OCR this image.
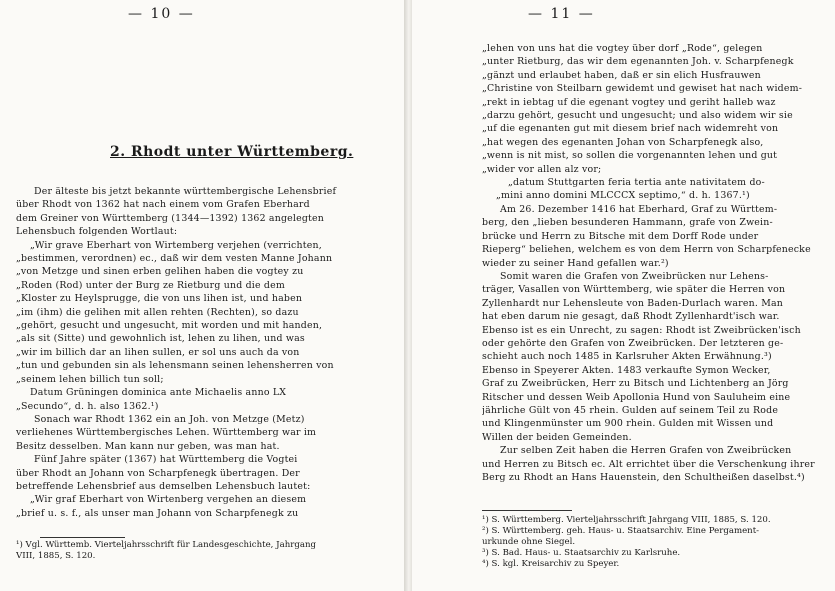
— 10 —
2. Rhodt unter Württemberg.
Der älteste bis jetzt bekannte württembergische Lehensbrief
über Rhodt von 1362 hat nach einem vom Grafen Eberhard
dem Greiner von Württemberg (1344—1392) 1362 angelegten
Lehensbuch folgenden Wortlaut:
„Wir grave Eberhart von Wirtemberg verjehen (verrichten,
„bestimmen, verordnen) ec., daß wir dem vesten Manne Johann
„von Metzge und sinen erben gelihen haben die vogtey zu
„Roden (Rod) unter der Burg ze Rietburg und die dem
„Kloster zu Heylsprugge, die von uns lihen ist, und haben
„im (ihm) die gelihen mit allen rehten (Rechten), so dazu
„gehört, gesucht und ungesucht, mit worden und mit handen,
„als sit (Sitte) und gewohnlich ist, lehen zu lihen, und was
„wir im billich dar an lihen sullen, er sol uns auch da von
„tun und gebunden sin als lehensmann seinen lehensherren von
„seinem lehen billich tun soll;
Datum Grüningen dominica ante Michaelis anno LX
„Secundo“, d. h. also 1362.¹)
Sonach war Rhodt 1362 ein an Joh. von Metzge (Metz)
verliehenes Württembergisches Lehen. Württemberg war im
Besitz desselben. Man kann nur geben, was man hat.
Fünf Jahre später (1367) hat Württemberg die Vogtei
über Rhodt an Johann von Scharpfenegk übertragen. Der
betreffende Lehensbrief aus demselben Lehensbuch lautet:
„Wir graf Eberhart von Wirtenberg vergehen an diesem
„brief u. s. f., als unser man Johann von Scharpfenegk zu
¹) Vgl. Württemb. Vierteljahrsschrift für Landesgeschichte, Jahrgang
VIII, 1885, S. 120.
— 11 —
„lehen von uns hat die vogtey über dorf „Rode“, gelegen
„unter Rietburg, das wir dem egenannten Joh. v. Scharpfenegk
„gänzt und erlaubet haben, daß er sin elich Husfrauwen
„Christine von Steilbarn gewidemt und gewiset hat nach widem-
„rekt in iebtag uf die egenant vogtey und geriht halleb waz
„darzu gehört, gesucht und ungesucht; und also widem wir sie
„uf die egenanten gut mit diesem brief nach widemreht von
„hat wegen des egenanten Johan von Scharpfenegk also,
„wenn is nit mist, so sollen die vorgenannten lehen und gut
„wider vor allen alz vor;
„datum Stuttgarten feria tertia ante nativitatem do-
„mini anno domini MLCCCX septimo,“ d. h. 1367.¹)
Am 26. Dezember 1416 hat Eberhard, Graf zu Württem-
berg, den „lieben besunderen Hammann, grafe von Zwein-
brücke und Herrn zu Bitsche mit dem Dorff Rode under
Rieperg“ beliehen, welchem es von dem Herrn von Scharpfenecke
wieder zu seiner Hand gefallen war.²)
Somit waren die Grafen von Zweibrücken nur Lehens-
träger, Vasallen von Württemberg, wie später die Herren von
Zyllenhardt nur Lehensleute von Baden-Durlach waren. Man
hat eben darum nie gesagt, daß Rhodt Zyllenhardt'isch war.
Ebenso ist es ein Unrecht, zu sagen: Rhodt ist Zweibrücken'isch
oder gehörte den Grafen von Zweibrücken. Der letzteren ge-
schieht auch noch 1485 in Karlsruher Akten Erwähnung.³)
Ebenso in Speyerer Akten. 1483 verkaufte Symon Wecker,
Graf zu Zweibrücken, Herr zu Bitsch und Lichtenberg an Jörg
Ritscher und dessen Weib Apollonia Hund von Sauluheim eine
jährliche Gült von 45 rhein. Gulden auf seinem Teil zu Rode
und Klingenmünster um 900 rhein. Gulden mit Wissen und
Willen der beiden Gemeinden.
Zur selben Zeit haben die Herren Grafen von Zweibrücken
und Herren zu Bitsch ec. Alt errichtet über die Verschenkung ihrer
Berg zu Rhodt an Hans Hauenstein, den Schultheißen daselbst.⁴)
¹) S. Württemberg. Vierteljahrsschrift Jahrgang VIII, 1885, S. 120.
²) S. Württemberg. geh. Haus- u. Staatsarchiv. Eine Pergament-
urkunde ohne Siegel.
³) S. Bad. Haus- u. Staatsarchiv zu Karlsruhe.
⁴) S. kgl. Kreisarchiv zu Speyer.
